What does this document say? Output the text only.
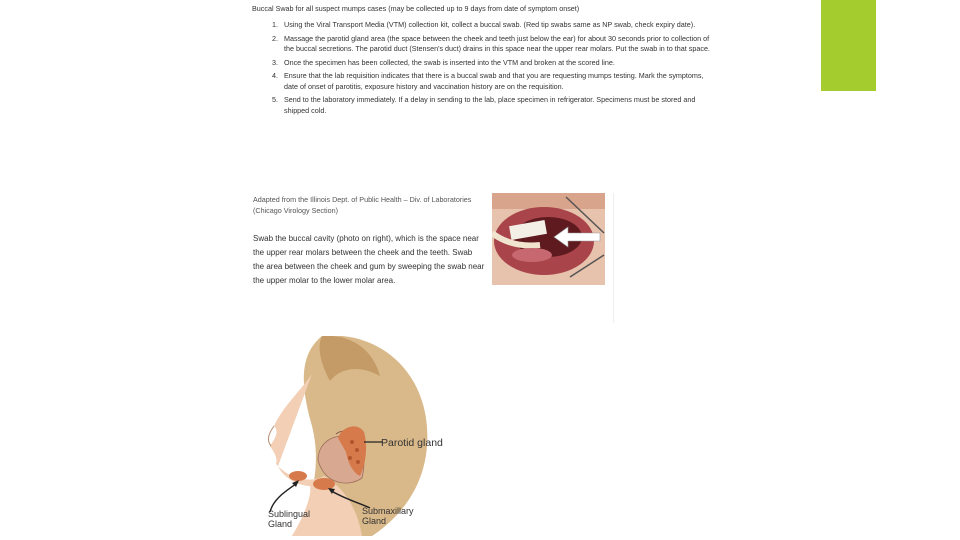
Buccal Swab for all suspect mumps cases (may be collected up to 9 days from date of symptom onset)
1. Using the Viral Transport Media (VTM) collection kit, collect a buccal swab. (Red tip swabs same as NP swab, check expiry date).
2. Massage the parotid gland area (the space between the cheek and teeth just below the ear) for about 30 seconds prior to collection of the buccal secretions. The parotid duct (Stensen's duct) drains in this space near the upper rear molars. Put the swab in to that space.
3. Once the specimen has been collected, the swab is inserted into the VTM and broken at the scored line.
4. Ensure that the lab requisition indicates that there is a buccal swab and that you are requesting mumps testing. Mark the symptoms, date of onset of parotitis, exposure history and vaccination history are on the requisition.
5. Send to the laboratory immediately. If a delay in sending to the lab, place specimen in refrigerator. Specimens must be stored and shipped cold.
Adapted from the Illinois Dept. of Public Health – Div. of Laboratories (Chicago Virology Section)
Swab the buccal cavity (photo on right), which is the space near the upper rear molars between the cheek and the teeth. Swab the area between the cheek and gum by sweeping the swab near the upper molar to the lower molar area.
Parotid gland
Sublingual Gland
Submaxillary Gland
